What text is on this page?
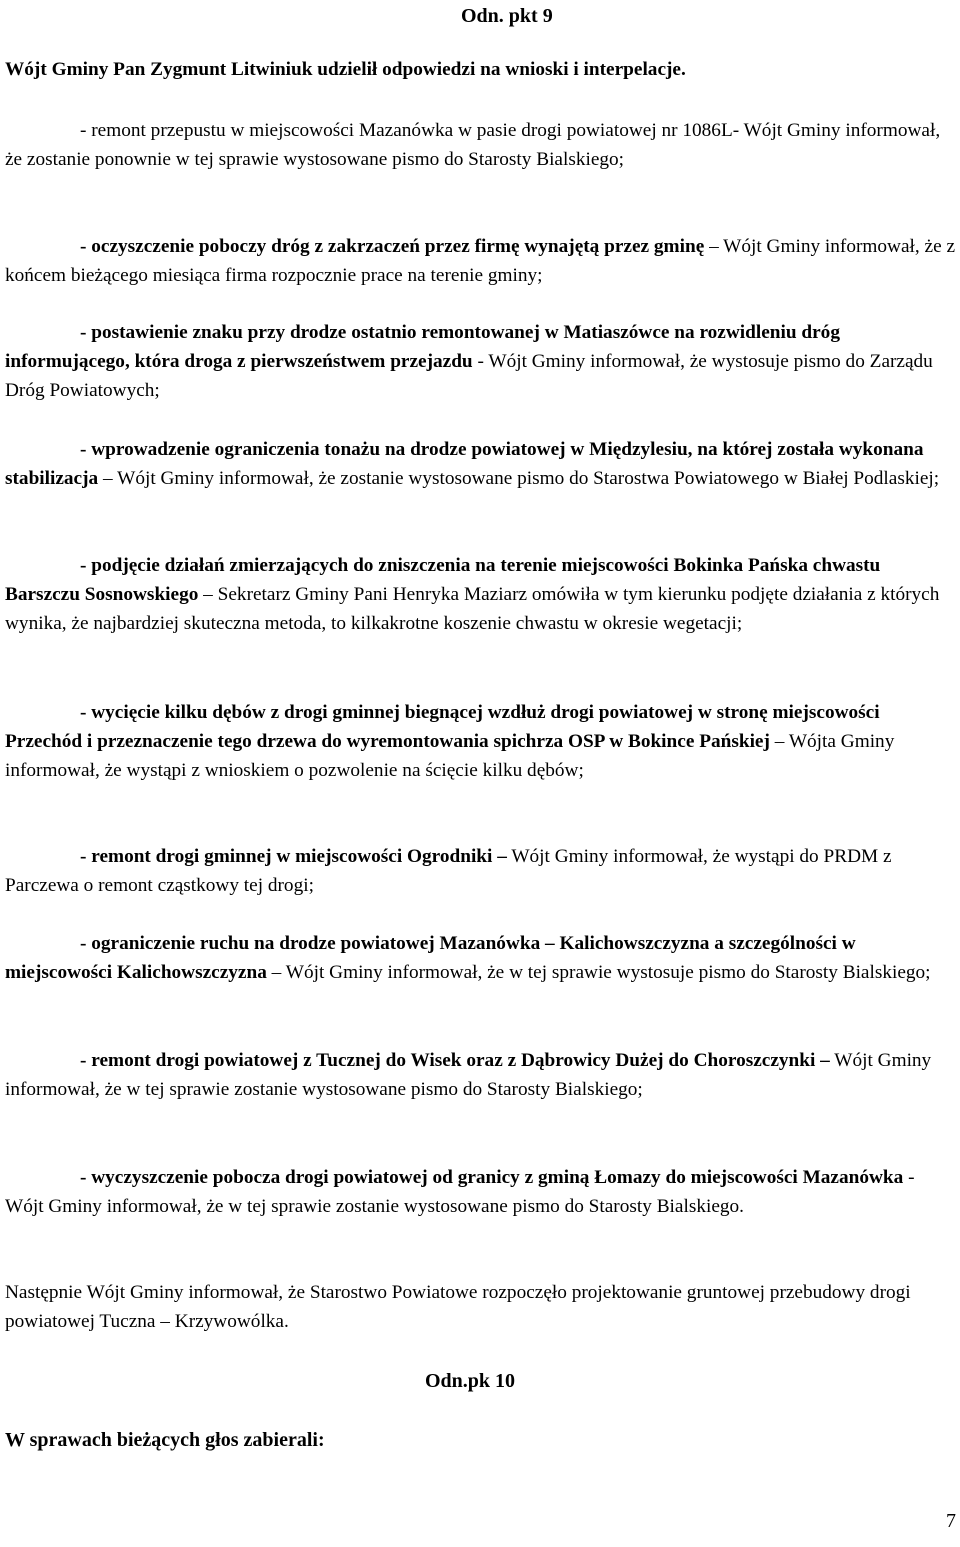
Odn. pkt 9
Wójt Gminy Pan Zygmunt Litwiniuk udzielił odpowiedzi na wnioski i interpelacje.
- remont przepustu w miejscowości Mazanówka w pasie drogi powiatowej nr 1086L- Wójt Gminy informował, że zostanie ponownie w tej sprawie wystosowane pismo do Starosty Bialskiego;
- oczyszczenie poboczy dróg z zakrzaczeń przez firmę wynajętą przez gminę – Wójt Gminy informował, że z końcem bieżącego miesiąca firma rozpocznie prace na terenie gminy;
- postawienie znaku przy drodze ostatnio remontowanej w Matiaszówce na rozwidleniu dróg informującego, która droga z pierwszeństwem przejazdu - Wójt Gminy informował, że wystosuje pismo do Zarządu Dróg Powiatowych;
- wprowadzenie ograniczenia tonażu na drodze powiatowej w Międzylesiu, na której została wykonana stabilizacja – Wójt Gminy informował, że zostanie wystosowane pismo do Starostwa Powiatowego w Białej Podlaskiej;
- podjęcie działań zmierzających do zniszczenia na terenie miejscowości Bokinka Pańska chwastu Barszczu Sosnowskiego – Sekretarz Gminy Pani Henryka Maziarz omówiła w tym kierunku podjęte działania z których wynika, że najbardziej skuteczna metoda, to kilkakrotne koszenie chwastu w okresie wegetacji;
- wycięcie kilku dębów z drogi gminnej biegnącej wzdłuż drogi powiatowej w stronę miejscowości Przechód i przeznaczenie tego drzewa do wyremontowania spichrza OSP w Bokince Pańskiej – Wójta Gminy informował, że wystąpi z wnioskiem o pozwolenie na ścięcie kilku dębów;
- remont drogi gminnej w miejscowości Ogrodniki – Wójt Gminy informował, że wystąpi do PRDM z Parczewa o remont cząstkowy tej drogi;
- ograniczenie ruchu na drodze powiatowej Mazanówka – Kalichowszczyzna a szczególności w miejscowości Kalichowszczyzna – Wójt Gminy informował, że w tej sprawie wystosuje pismo do Starosty Bialskiego;
- remont drogi powiatowej z Tucznej do Wisek oraz z Dąbrowicy Dużej do Choroszczynki – Wójt Gminy informował, że w tej sprawie zostanie wystosowane pismo do Starosty Bialskiego;
- wyczyszczenie pobocza drogi powiatowej od granicy z gminą Łomazy do miejscowości Mazanówka - Wójt Gminy informował, że w tej sprawie zostanie wystosowane pismo do Starosty Bialskiego.
Następnie Wójt Gminy informował, że Starostwo Powiatowe rozpoczęło projektowanie gruntowej przebudowy drogi powiatowej Tuczna – Krzywowólka.
Odn.pk 10
W sprawach bieżących głos zabierali:
7
